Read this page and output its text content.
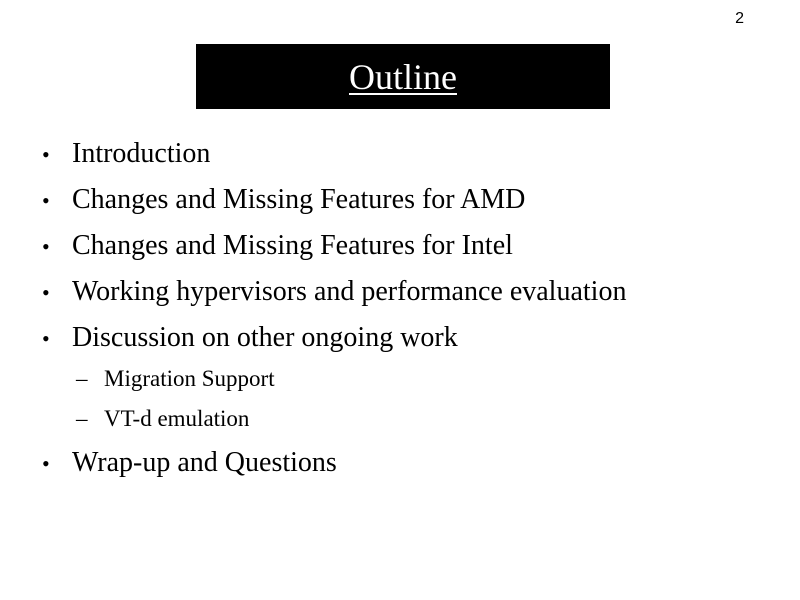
2
Outline
• Introduction
• Changes and Missing Features for AMD
• Changes and Missing Features for Intel
• Working hypervisors and performance evaluation
• Discussion on other ongoing work
– Migration Support
– VT-d emulation
• Wrap-up and Questions
